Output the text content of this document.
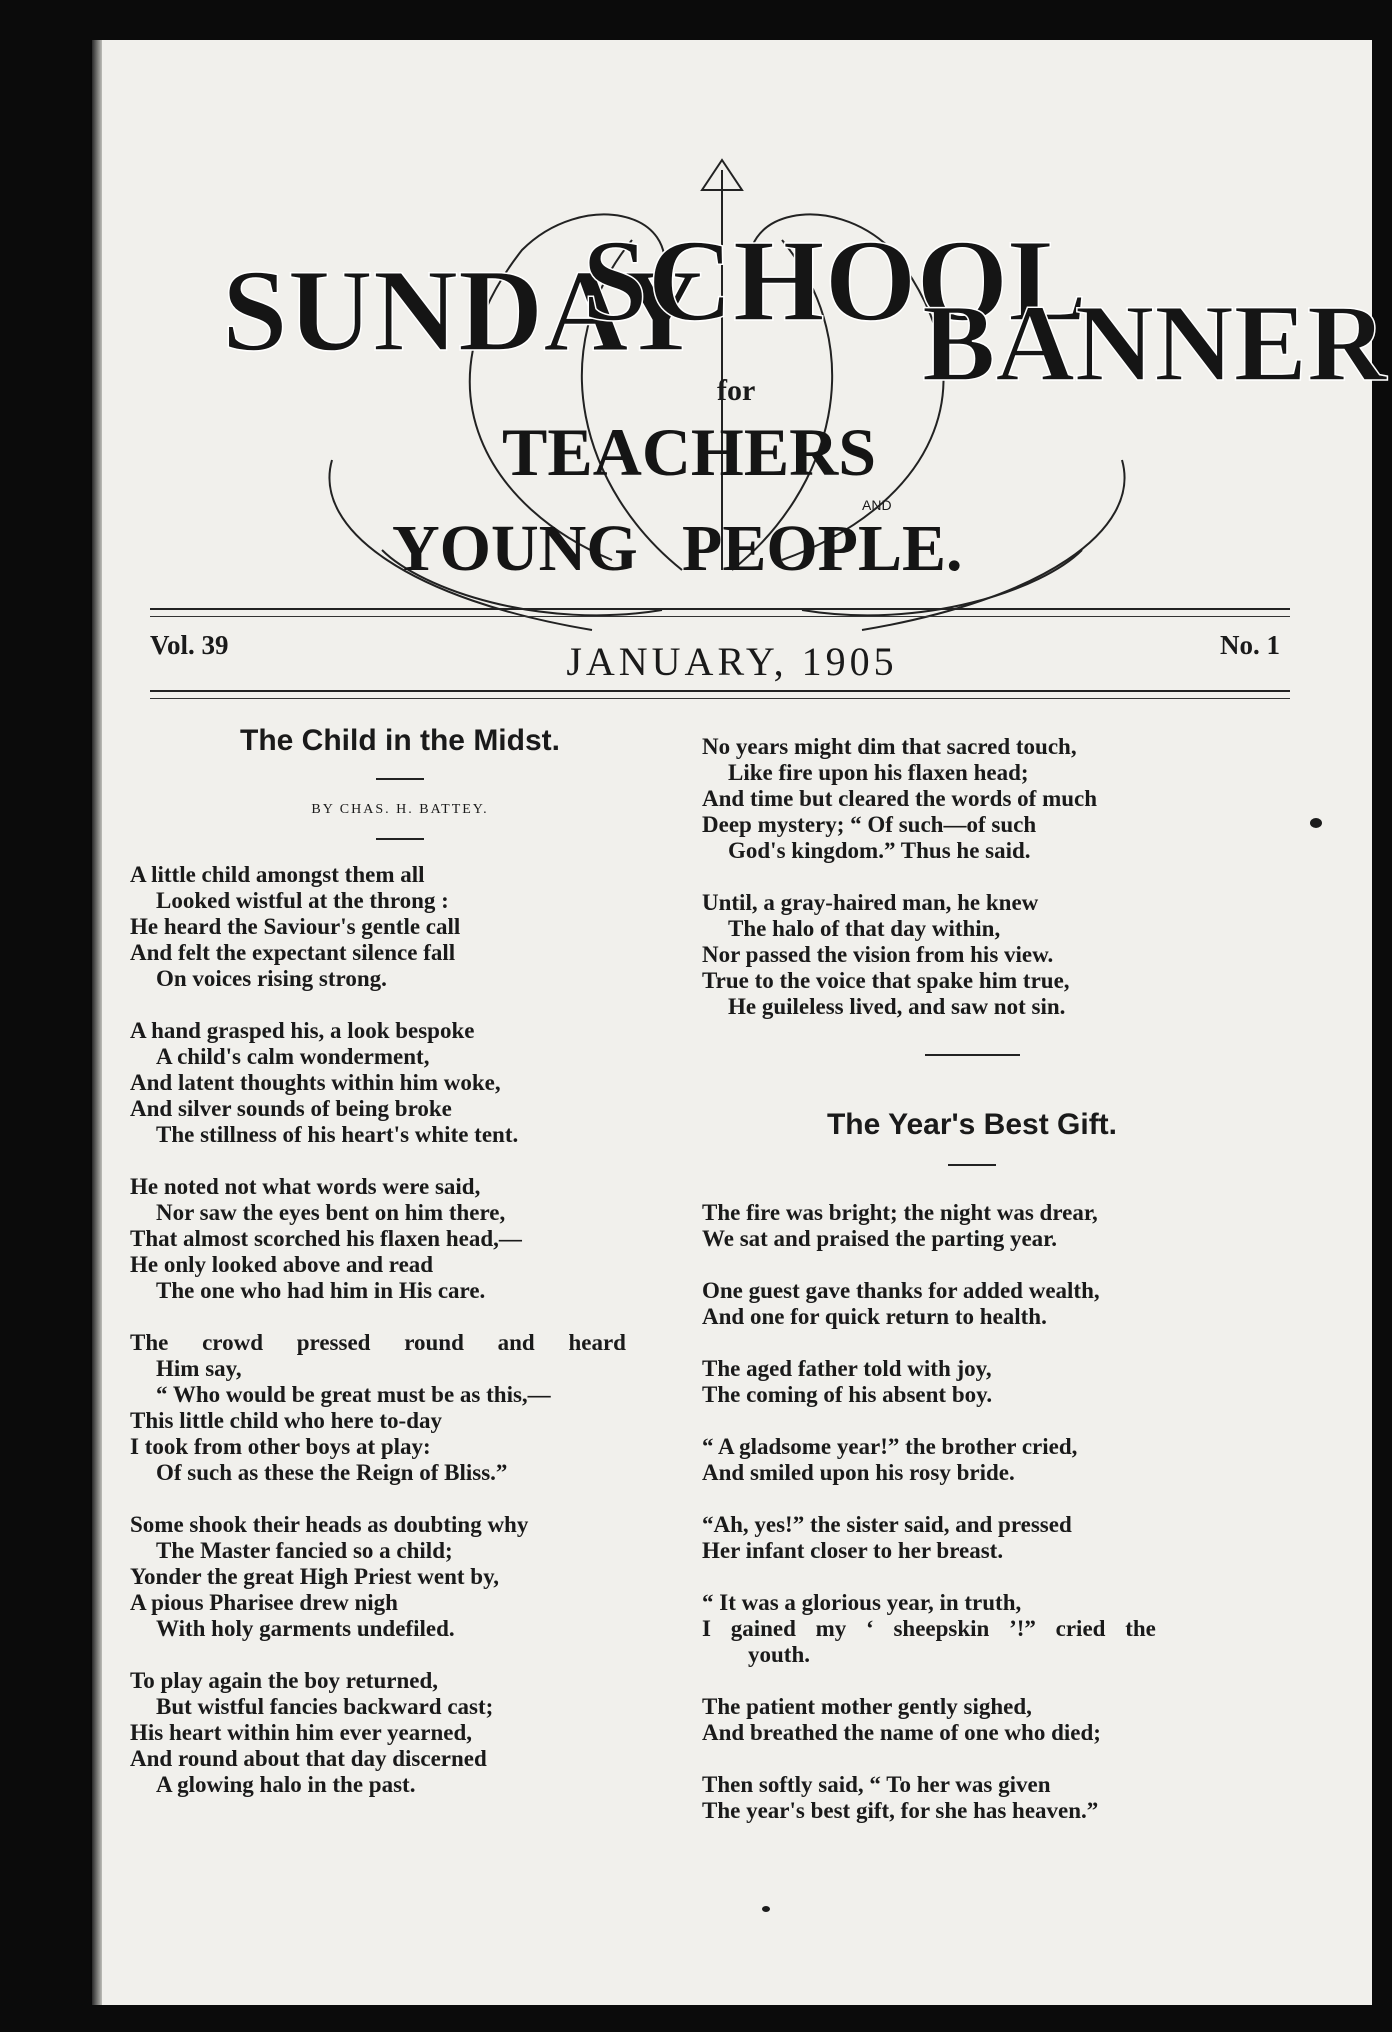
SUNDAY
SCHOOL
BANNER
for
TEACHERS
AND
YOUNG PEOPLE.
Vol. 39	JANUARY, 1905	No. 1
The Child in the Midst.
BY CHAS. H. BATTEY.
A little child amongst them all
Looked wistful at the throng :
He heard the Saviour's gentle call
And felt the expectant silence fall
On voices rising strong.
A hand grasped his, a look bespoke
A child's calm wonderment,
And latent thoughts within him woke,
And silver sounds of being broke
The stillness of his heart's white tent.
He noted not what words were said,
Nor saw the eyes bent on him there,
That almost scorched his flaxen head,—
He only looked above and read
The one who had him in His care.
The crowd pressed round and heard
Him say,
“ Who would be great must be as this,—
This little child who here to-day
I took from other boys at play:
Of such as these the Reign of Bliss.”
Some shook their heads as doubting why
The Master fancied so a child;
Yonder the great High Priest went by,
A pious Pharisee drew nigh
With holy garments undefiled.
To play again the boy returned,
But wistful fancies backward cast;
His heart within him ever yearned,
And round about that day discerned
A glowing halo in the past.
No years might dim that sacred touch,
Like fire upon his flaxen head;
And time but cleared the words of much
Deep mystery; “ Of such—of such
God's kingdom.” Thus he said.
Until, a gray-haired man, he knew
The halo of that day within,
Nor passed the vision from his view.
True to the voice that spake him true,
He guileless lived, and saw not sin.
The Year's Best Gift.
The fire was bright; the night was drear,
We sat and praised the parting year.
One guest gave thanks for added wealth,
And one for quick return to health.
The aged father told with joy,
The coming of his absent boy.
“ A gladsome year!” the brother cried,
And smiled upon his rosy bride.
“Ah, yes!” the sister said, and pressed
Her infant closer to her breast.
“ It was a glorious year, in truth,
I gained my ‘ sheepskin ’!” cried the
youth.
The patient mother gently sighed,
And breathed the name of one who died;
Then softly said, “ To her was given
The year's best gift, for she has heaven.”
